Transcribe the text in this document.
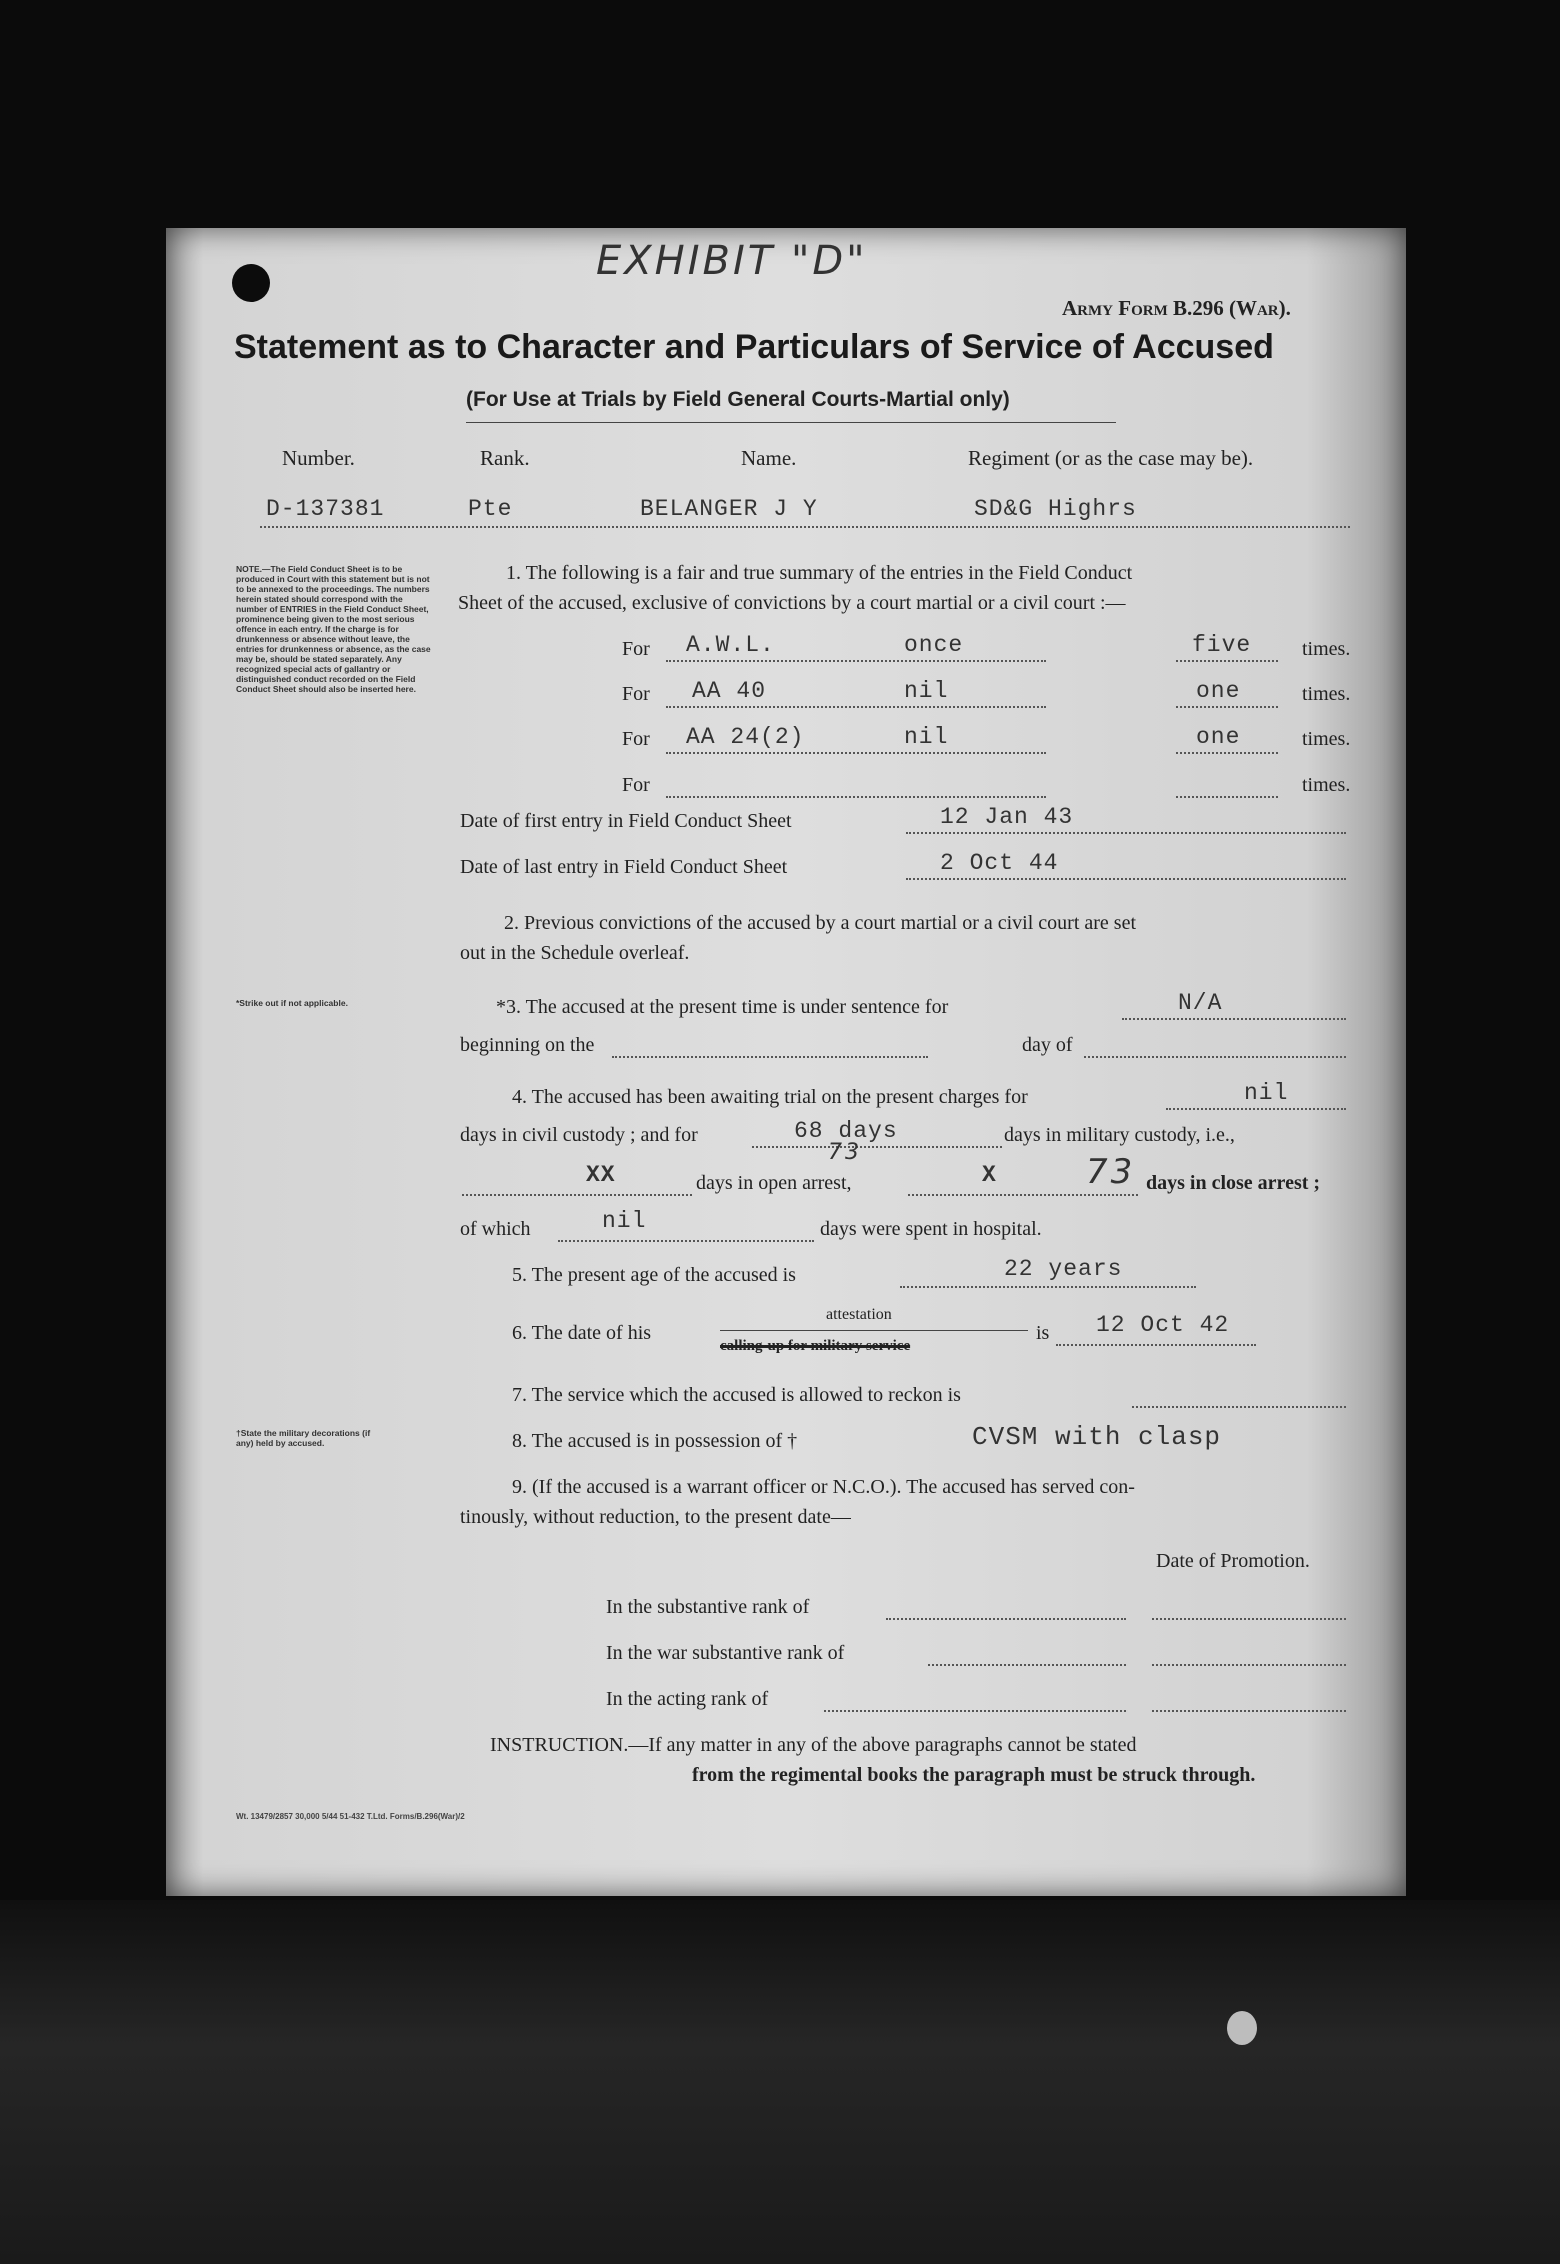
EXHIBIT "D"
Army Form B.296 (War).
Statement as to Character and Particulars of Service of Accused
(For Use at Trials by Field General Courts-Martial only)
Number.	Rank.	Name.	Regiment (or as the case may be).
D-137381	Pte	BELANGER J Y	SD&G Highrs
NOTE.—The Field Conduct Sheet is to be produced in Court with this statement but is not to be annexed to the proceedings. The numbers herein stated should correspond with the number of ENTRIES in the Field Conduct Sheet, prominence being given to the most serious offence in each entry. If the charge is for drunkenness or absence without leave, the entries for drunkenness or absence, as the case may be, should be stated separately. Any recognized special acts of gallantry or distinguished conduct recorded on the Field Conduct Sheet should also be inserted here.
1. The following is a fair and true summary of the entries in the Field Conduct
Sheet of the accused, exclusive of convictions by a court martial or a civil court :—
For A.W.L.	once	five	times.
For AA 40	nil	one	times.
For AA 24(2)	nil	one	times.
For	times.
Date of first entry in Field Conduct Sheet	12 Jan 43
Date of last entry in Field Conduct Sheet	2 Oct 44
2. Previous convictions of the accused by a court martial or a civil court are set
out in the Schedule overleaf.
*Strike out if not applicable.	*3. The accused at the present time is under sentence for	N/A
beginning on the	day of
4. The accused has been awaiting trial on the present charges for	nil
days in civil custody ; and for	68 days
73
days in military custody, i.e.,
XX	days in open arrest,	X	73 days in close arrest ;
of which	nil	days were spent in hospital.
5. The present age of the accused is	22 years
6. The date of his
attestation
calling-up for military service
is 12 Oct 42
7. The service which the accused is allowed to reckon is
†State the military decorations (if any) held by accused.	8. The accused is in possession of †	CVSM with clasp
9. (If the accused is a warrant officer or N.C.O.). The accused has served con-
tinously, without reduction, to the present date—
Date of Promotion.
In the substantive rank of
In the war substantive rank of
In the acting rank of
INSTRUCTION.—If any matter in any of the above paragraphs cannot be stated
from the regimental books the paragraph must be struck through.
Wt. 13479/2857 30,000 5/44 51-432 T.Ltd. Forms/B.296(War)/2
